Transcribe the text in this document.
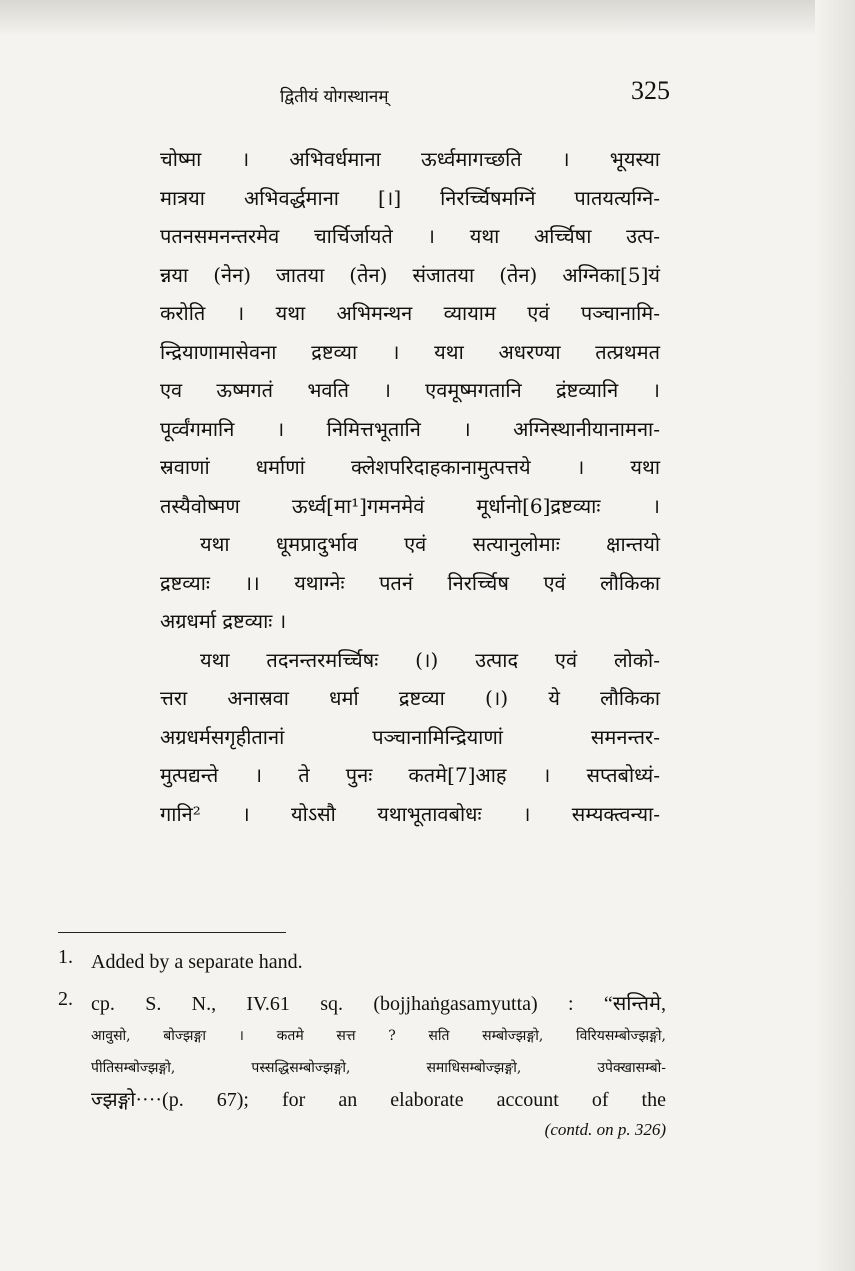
द्वितीयं योगस्थानम्	325
चोष्मा । अभिवर्धमाना ऊर्ध्वमागच्छति । भूयस्या
मात्रया अभिवर्द्धमाना [।] निरर्च्चिषमग्निं पातयत्यग्नि-
पतनसमनन्तरमेव चार्चिर्जायते । यथा अर्च्चिषा उत्प-
न्नया (नेन) जातया (तेन) संजातया (तेन) अग्निका[5]यं
करोति । यथा अभिमन्थन व्यायाम एवं पञ्चानामि-
न्द्रियाणामासेवना द्रष्टव्या । यथा अधरण्या तत्प्रथमत
एव ऊष्मगतं भवति । एवमूष्मगतानि द्रंष्टव्यानि ।
पूर्व्वंगमानि । निमित्तभूतानि । अग्निस्थानीयानामना-
स्रवाणां धर्माणां क्लेशपरिदाहकानामुत्पत्तये । यथा
तस्यैवोष्मण ऊर्ध्व[मा¹]गमनमेवं मूर्धानो[6]द्रष्टव्याः ।
यथा धूमप्रादुर्भाव एवं सत्यानुलोमाः क्षान्तयो
द्रष्टव्याः ।। यथाग्नेः पतनं निरर्च्चिष एवं लौकिका
अग्रधर्मा द्रष्टव्याः ।
यथा तदनन्तरमर्च्चिषः (।) उत्पाद एवं लोको-
त्तरा अनास्रवा धर्मा द्रष्टव्या (।) ये लौकिका
अग्रधर्मसगृहीतानां पञ्चानामिन्द्रियाणां समनन्तर-
मुत्पद्यन्ते । ते पुनः कतमे[7]आह । सप्तबोध्यं-
गानि² । योऽसौ यथाभूतावबोधः । सम्यक्त्वन्या-
1. Added by a separate hand.
2. cp. S. N., IV.61 sq. (bojjhaṅgasamyutta) : “सन्तिमे,
आवुसो, बोज्झङ्गा । कतमे सत्त ? सति सम्बोज्झङ्गो, विरियसम्बोज्झङ्गो,
पीतिसम्बोज्झङ्गो, पस्सद्धिसम्बोज्झङ्गो, समाधिसम्बोज्झङ्गो, उपेक्खासम्बो-
ज्झङ्गो····(p. 67); for an elaborate account of the
(contd. on p. 326)
